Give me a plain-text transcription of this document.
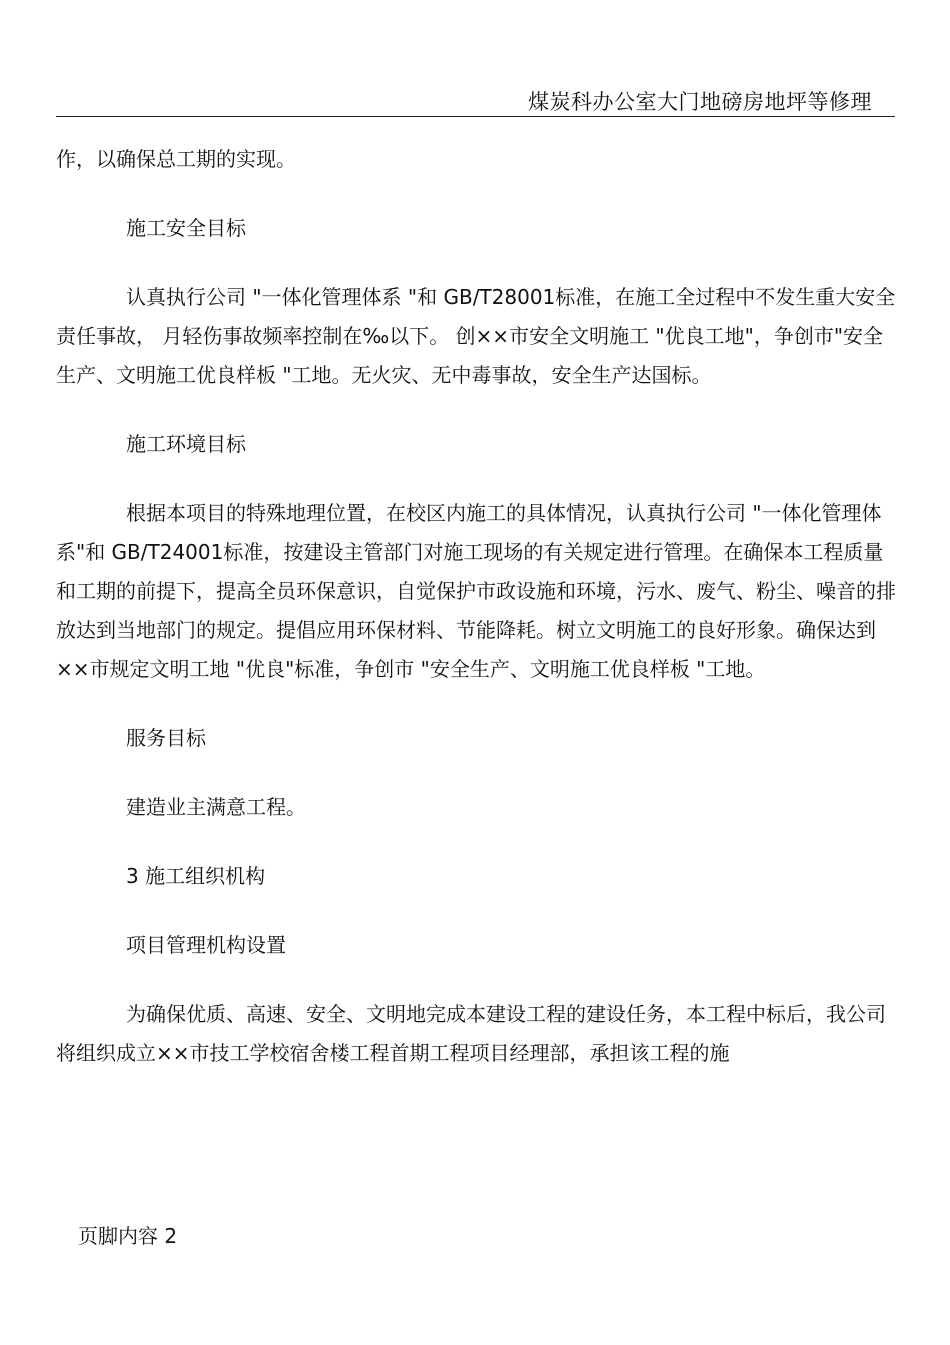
煤炭科办公室大门地磅房地坪等修理

作，以确保总工期的实现。

施工安全目标

认真执行公司 "一体化管理体系 "和 GB/T28001标准，在施工全过程中不发生重大安全责任事故， 月轻伤事故频率控制在‰以下。 创××市安全文明施工 "优良工地"，争创市"安全生产、文明施工优良样板 "工地。无火灾、无中毒事故，安全生产达国标。

施工环境目标

根据本项目的特殊地理位置，在校区内施工的具体情况，认真执行公司 "一体化管理体系"和 GB/T24001标准，按建设主管部门对施工现场的有关规定进行管理。在确保本工程质量和工期的前提下，提高全员环保意识，自觉保护市政设施和环境，污水、废气、粉尘、噪音的排放达到当地部门的规定。提倡应用环保材料、节能降耗。树立文明施工的良好形象。确保达到××市规定文明工地 "优良"标准，争创市 "安全生产、文明施工优良样板 "工地。

服务目标

建造业主满意工程。

3 施工组织机构

项目管理机构设置

为确保优质、高速、安全、文明地完成本建设工程的建设任务，本工程中标后，我公司将组织成立××市技工学校宿舍楼工程首期工程项目经理部，承担该工程的施

页脚内容 2
